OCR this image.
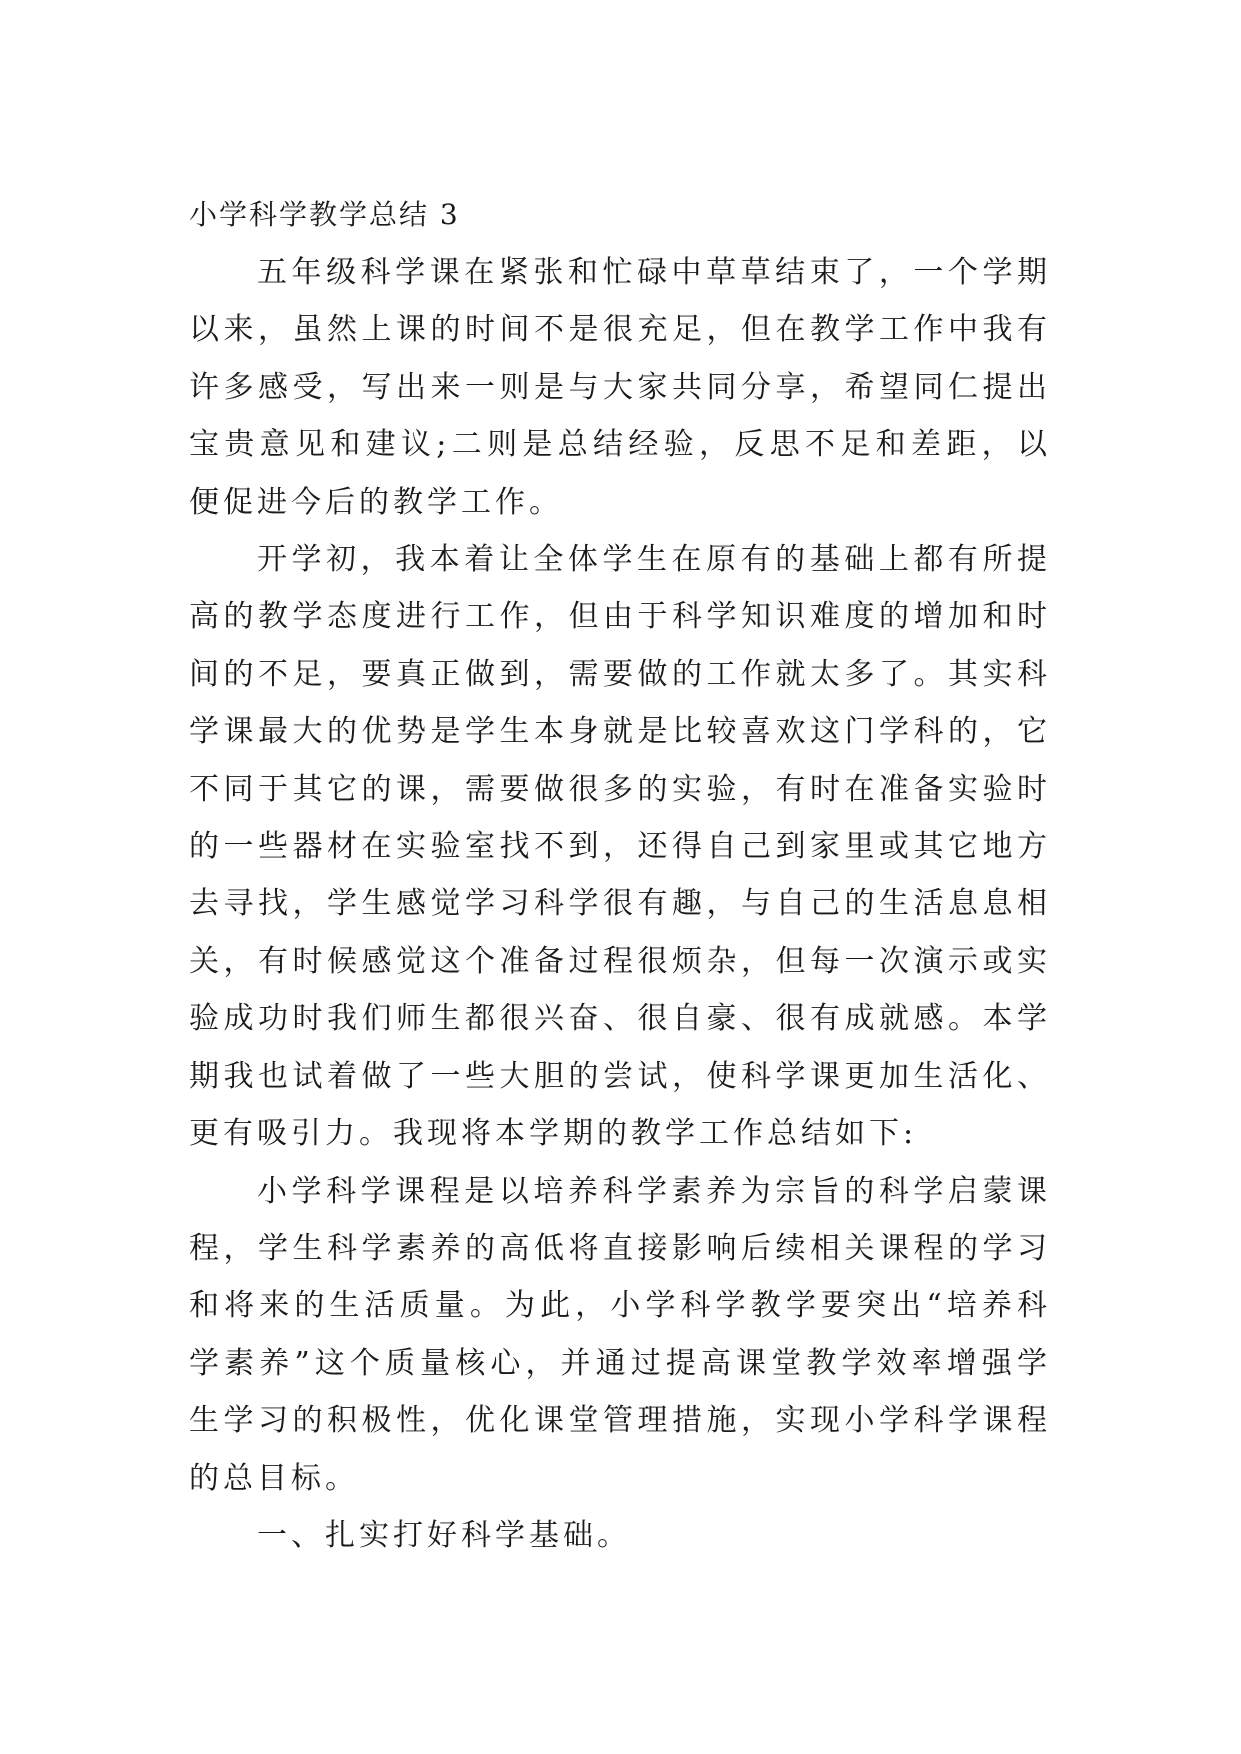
小学科学教学总结 3

五年级科学课在紧张和忙碌中草草结束了，一个学期以来，虽然上课的时间不是很充足，但在教学工作中我有许多感受，写出来一则是与大家共同分享，希望同仁提出宝贵意见和建议;二则是总结经验，反思不足和差距，以便促进今后的教学工作。

开学初，我本着让全体学生在原有的基础上都有所提高的教学态度进行工作，但由于科学知识难度的增加和时间的不足，要真正做到，需要做的工作就太多了。其实科学课最大的优势是学生本身就是比较喜欢这门学科的，它不同于其它的课，需要做很多的实验，有时在准备实验时的一些器材在实验室找不到，还得自己到家里或其它地方去寻找，学生感觉学习科学很有趣，与自己的生活息息相关，有时候感觉这个准备过程很烦杂，但每一次演示或实验成功时我们师生都很兴奋、很自豪、很有成就感。本学期我也试着做了一些大胆的尝试，使科学课更加生活化、更有吸引力。我现将本学期的教学工作总结如下:

小学科学课程是以培养科学素养为宗旨的科学启蒙课程，学生科学素养的高低将直接影响后续相关课程的学习和将来的生活质量。为此，小学科学教学要突出“培养科学素养”这个质量核心，并通过提高课堂教学效率增强学生学习的积极性，优化课堂管理措施，实现小学科学课程的总目标。

一、扎实打好科学基础。
